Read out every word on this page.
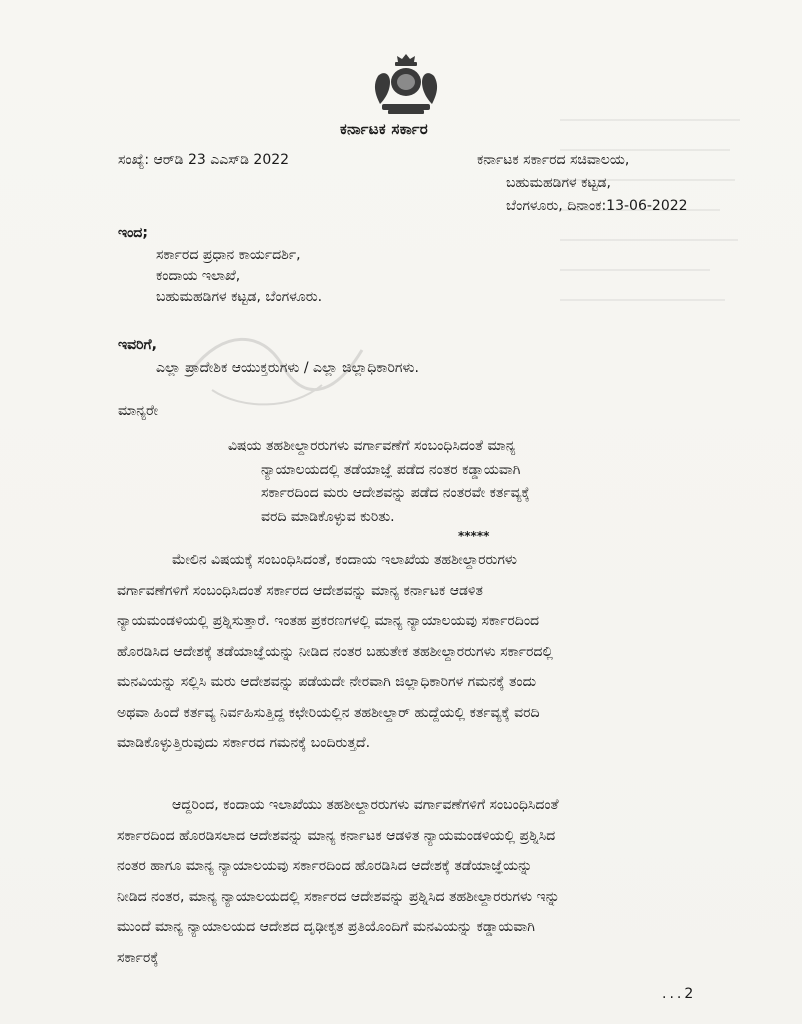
ಕರ್ನಾಟಕ ಸರ್ಕಾರ
ಸಂಖ್ಯೆ: ಆರ್‌ಡಿ 23 ಎಎಸ್‌ಡಿ 2022	ಕರ್ನಾಟಕ ಸರ್ಕಾರದ ಸಚಿವಾಲಯ,
ಬಹುಮಹಡಿಗಳ ಕಟ್ಟಡ,
ಬೆಂಗಳೂರು, ದಿನಾಂಕ:13-06-2022
ಇಂದ;
ಸರ್ಕಾರದ ಪ್ರಧಾನ ಕಾರ್ಯದರ್ಶಿ,
ಕಂದಾಯ ಇಲಾಖೆ,
ಬಹುಮಹಡಿಗಳ ಕಟ್ಟಡ, ಬೆಂಗಳೂರು.
ಇವರಿಗೆ,
ಎಲ್ಲಾ ಪ್ರಾದೇಶಿಕ ಆಯುಕ್ತರುಗಳು / ಎಲ್ಲಾ ಜಿಲ್ಲಾಧಿಕಾರಿಗಳು.
ಮಾನ್ಯರೇ
ವಿಷಯ ತಹಶೀಲ್ದಾರರುಗಳು ವರ್ಗಾವಣೆಗೆ ಸಂಬಂಧಿಸಿದಂತೆ ಮಾನ್ಯ
ನ್ಯಾಯಾಲಯದಲ್ಲಿ ತಡೆಯಾಜ್ಞೆ ಪಡೆದ ನಂತರ ಕಡ್ಡಾಯವಾಗಿ
ಸರ್ಕಾರದಿಂದ ಮರು ಆದೇಶವನ್ನು ಪಡೆದ ನಂತರವೇ ಕರ್ತವ್ಯಕ್ಕೆ
ವರದಿ ಮಾಡಿಕೊಳ್ಳುವ ಕುರಿತು.
*****
ಮೇಲಿನ ವಿಷಯಕ್ಕೆ ಸಂಬಂಧಿಸಿದಂತೆ, ಕಂದಾಯ ಇಲಾಖೆಯ ತಹಶೀಲ್ದಾರರುಗಳು
ವರ್ಗಾವಣೆಗಳಿಗೆ ಸಂಬಂಧಿಸಿದಂತೆ ಸರ್ಕಾರದ ಆದೇಶವನ್ನು ಮಾನ್ಯ ಕರ್ನಾಟಕ ಆಡಳಿತ
ನ್ಯಾಯಮಂಡಳಿಯಲ್ಲಿ ಪ್ರಶ್ನಿಸುತ್ತಾರೆ. ಇಂತಹ ಪ್ರಕರಣಗಳಲ್ಲಿ ಮಾನ್ಯ ನ್ಯಾಯಾಲಯವು ಸರ್ಕಾರದಿಂದ
ಹೊರಡಿಸಿದ ಆದೇಶಕ್ಕೆ ತಡೆಯಾಜ್ಞೆಯನ್ನು ನೀಡಿದ ನಂತರ ಬಹುತೇಕ ತಹಶೀಲ್ದಾರರುಗಳು ಸರ್ಕಾರದಲ್ಲಿ
ಮನವಿಯನ್ನು ಸಲ್ಲಿಸಿ ಮರು ಆದೇಶವನ್ನು ಪಡೆಯದೇ ನೇರವಾಗಿ ಜಿಲ್ಲಾಧಿಕಾರಿಗಳ ಗಮನಕ್ಕೆ ತಂದು
ಅಥವಾ ಹಿಂದೆ ಕರ್ತವ್ಯ ನಿರ್ವಹಿಸುತ್ತಿದ್ದ ಕಛೇರಿಯಲ್ಲಿನ ತಹಶೀಲ್ದಾರ್ ಹುದ್ದೆಯಲ್ಲಿ ಕರ್ತವ್ಯಕ್ಕೆ ವರದಿ
ಮಾಡಿಕೊಳ್ಳುತ್ತಿರುವುದು ಸರ್ಕಾರದ ಗಮನಕ್ಕೆ ಬಂದಿರುತ್ತದೆ.
ಆದ್ದರಿಂದ, ಕಂದಾಯ ಇಲಾಖೆಯು ತಹಶೀಲ್ದಾರರುಗಳು ವರ್ಗಾವಣೆಗಳಿಗೆ ಸಂಬಂಧಿಸಿದಂತೆ
ಸರ್ಕಾರದಿಂದ ಹೊರಡಿಸಲಾದ ಆದೇಶವನ್ನು ಮಾನ್ಯ ಕರ್ನಾಟಕ ಆಡಳಿತ ನ್ಯಾಯಮಂಡಳಿಯಲ್ಲಿ ಪ್ರಶ್ನಿಸಿದ
ನಂತರ ಹಾಗೂ ಮಾನ್ಯ ನ್ಯಾಯಾಲಯವು ಸರ್ಕಾರದಿಂದ ಹೊರಡಿಸಿದ ಆದೇಶಕ್ಕೆ ತಡೆಯಾಜ್ಞೆಯನ್ನು
ನೀಡಿದ ನಂತರ, ಮಾನ್ಯ ನ್ಯಾಯಾಲಯದಲ್ಲಿ ಸರ್ಕಾರದ ಆದೇಶವನ್ನು ಪ್ರಶ್ನಿಸಿದ ತಹಶೀಲ್ದಾರರುಗಳು ಇನ್ನು
ಮುಂದೆ ಮಾನ್ಯ ನ್ಯಾಯಾಲಯದ ಆದೇಶದ ದೃಢೀಕೃತ ಪ್ರತಿಯೊಂದಿಗೆ ಮನವಿಯನ್ನು ಕಡ್ಡಾಯವಾಗಿ
ಸರ್ಕಾರಕ್ಕೆ
...2
